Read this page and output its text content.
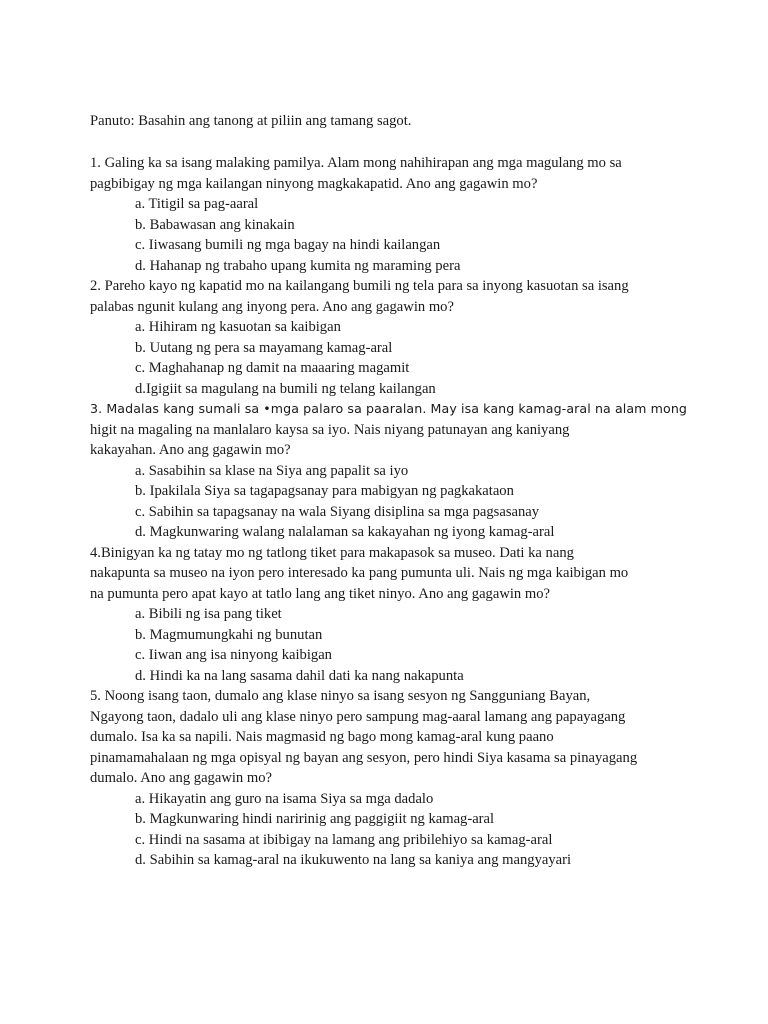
Panuto: Basahin ang tanong at piliin ang tamang sagot.
1. Galing ka sa isang malaking pamilya. Alam mong nahihirapan ang mga magulang mo sa
pagbibigay ng mga kailangan ninyong magkakapatid. Ano ang gagawin mo?
a. Titigil sa pag-aaral
b. Babawasan ang kinakain
c. Iiwasang bumili ng mga bagay na hindi kailangan
d. Hahanap ng trabaho upang kumita ng maraming pera
2. Pareho kayo ng kapatid mo na kailangang bumili ng tela para sa inyong kasuotan sa isang
palabas ngunit kulang ang inyong pera. Ano ang gagawin mo?
a. Hihiram ng kasuotan sa kaibigan
b. Uutang ng pera sa mayamang kamag-aral
c. Maghahanap ng damit na maaaring magamit
d.Igigiit sa magulang na bumili ng telang kailangan
3. Madalas kang sumali sa •mga palaro sa paaralan. May isa kang kamag-aral na alam mong
higit na magaling na manlalaro kaysa sa iyo. Nais niyang patunayan ang kaniyang
kakayahan. Ano ang gagawin mo?
a. Sasabihin sa klase na Siya ang papalit sa iyo
b. Ipakilala Siya sa tagapagsanay para mabigyan ng pagkakataon
c. Sabihin sa tapagsanay na wala Siyang disiplina sa mga pagsasanay
d. Magkunwaring walang nalalaman sa kakayahan ng iyong kamag-aral
4.Binigyan ka ng tatay mo ng tatlong tiket para makapasok sa museo. Dati ka nang
nakapunta sa museo na iyon pero interesado ka pang pumunta uli. Nais ng mga kaibigan mo
na pumunta pero apat kayo at tatlo lang ang tiket ninyo. Ano ang gagawin mo?
a. Bibili ng isa pang tiket
b. Magmumungkahi ng bunutan
c. Iiwan ang isa ninyong kaibigan
d. Hindi ka na lang sasama dahil dati ka nang nakapunta
5. Noong isang taon, dumalo ang klase ninyo sa isang sesyon ng Sangguniang Bayan,
Ngayong taon, dadalo uli ang klase ninyo pero sampung mag-aaral lamang ang papayagang
dumalo. Isa ka sa napili. Nais magmasid ng bago mong kamag-aral kung paano
pinamamahalaan ng mga opisyal ng bayan ang sesyon, pero hindi Siya kasama sa pinayagang
dumalo. Ano ang gagawin mo?
a. Hikayatin ang guro na isama Siya sa mga dadalo
b. Magkunwaring hindi naririnig ang paggigiit ng kamag-aral
c. Hindi na sasama at ibibigay na lamang ang pribilehiyo sa kamag-aral
d. Sabihin sa kamag-aral na ikukuwento na lang sa kaniya ang mangyayari
